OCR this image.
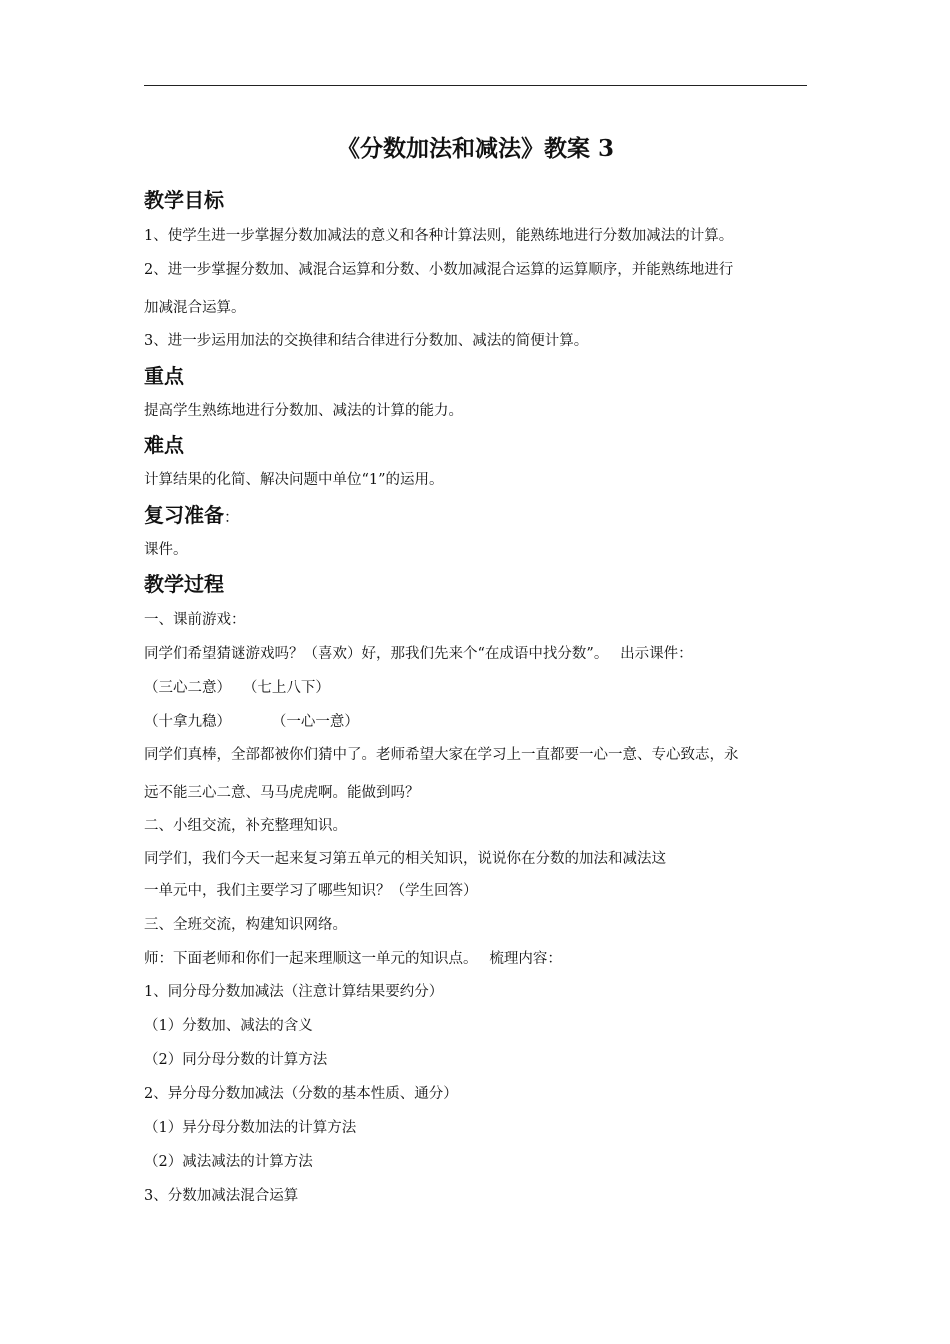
《分数加法和减法》教案 3
教学目标
1、使学生进一步掌握分数加减法的意义和各种计算法则，能熟练地进行分数加减法的计算。
2、进一步掌握分数加、减混合运算和分数、小数加减混合运算的运算顺序，并能熟练地进行
加减混合运算。
3、进一步运用加法的交换律和结合律进行分数加、减法的简便计算。
重点
提高学生熟练地进行分数加、减法的计算的能力。
难点
计算结果的化简、解决问题中单位“1”的运用。
复习准备：
课件。
教学过程
一、课前游戏：
同学们希望猜谜游戏吗？（喜欢）好，那我们先来个“在成语中找分数”。　 出示课件：
（三心二意）　 （七上八下）
（十拿九稳）　　　 （一心一意）
同学们真棒，全部都被你们猜中了。老师希望大家在学习上一直都要一心一意、专心致志，永
远不能三心二意、马马虎虎啊。能做到吗？
二、小组交流，补充整理知识。
同学们，我们今天一起来复习第五单元的相关知识，说说你在分数的加法和减法这
一单元中，我们主要学习了哪些知识？（学生回答）
三、全班交流，构建知识网络。
师：下面老师和你们一起来理顺这一单元的知识点。　 梳理内容：
1、同分母分数加减法（注意计算结果要约分）
（1）分数加、减法的含义
（2）同分母分数的计算方法
2、异分母分数加减法（分数的基本性质、通分）
（1）异分母分数加法的计算方法
（2）减法减法的计算方法
3、分数加减法混合运算
